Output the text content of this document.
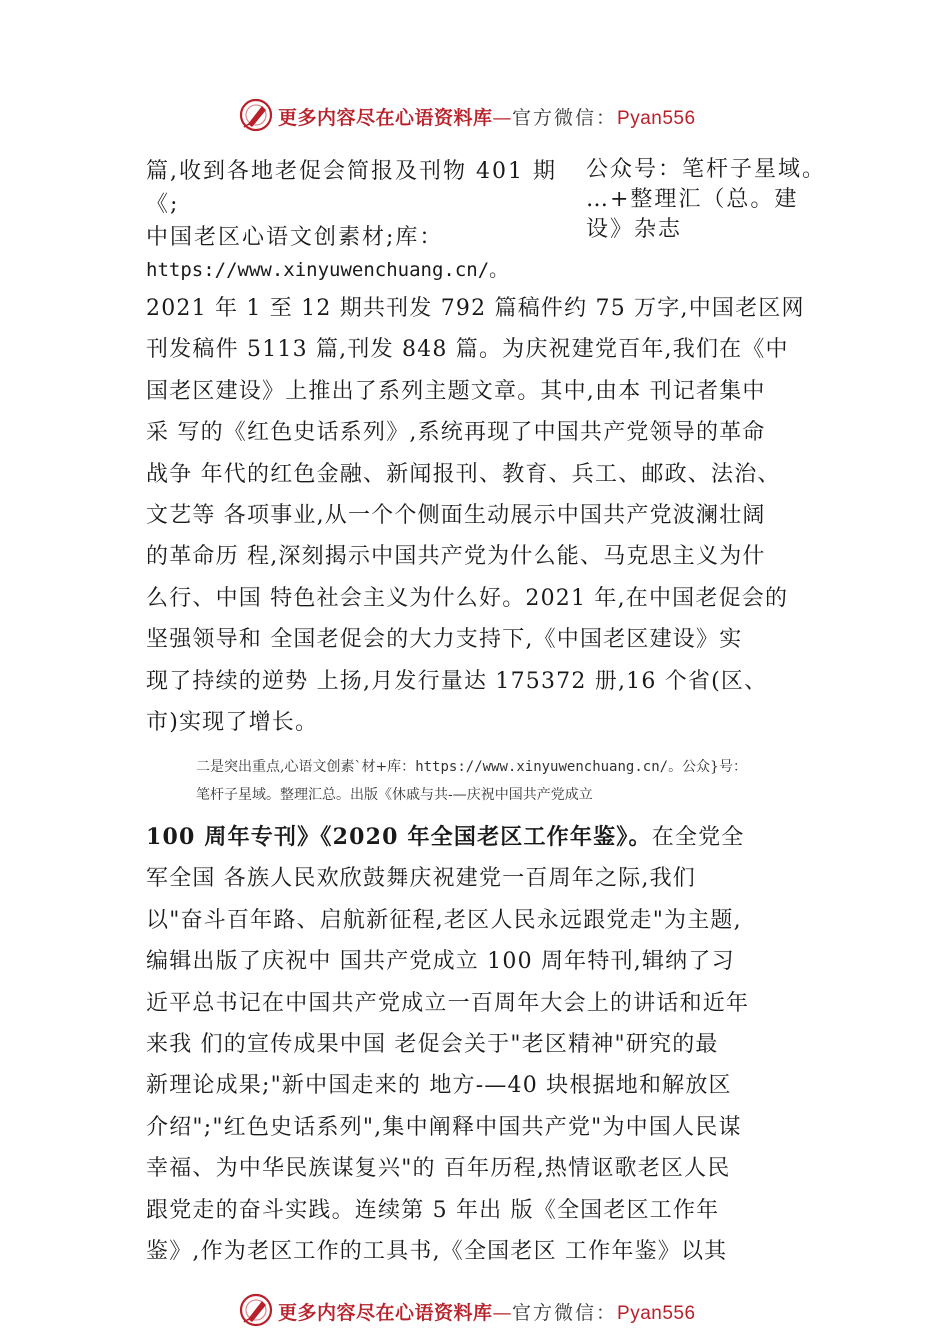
更多内容尽在心语资料库—官方微信：Pyan556
篇,收到各地老促会简报及刊物 401 期
《;
中国老区心语文创素材;库：
https://www.xinyuwenchuang.cn/。
公众号：笔杆子星域。
…+整理汇（总。建
设》杂志
2021 年 1 至 12 期共刊发 792 篇稿件约 75 万字,中国老区网
刊发稿件 5113 篇,刊发 848 篇。为庆祝建党百年,我们在《中
国老区建设》上推出了系列主题文章。其中,由本 刊记者集中
采 写的《红色史话系列》,系统再现了中国共产党领导的革命
战争 年代的红色金融、新闻报刊、教育、兵工、邮政、法治、
文艺等 各项事业,从一个个侧面生动展示中国共产党波澜壮阔
的革命历 程,深刻揭示中国共产党为什么能、马克思主义为什
么行、中国 特色社会主义为什么好。2021 年,在中国老促会的
坚强领导和 全国老促会的大力支持下,《中国老区建设》实
现了持续的逆势 上扬,月发行量达 175372 册,16 个省(区、
市)实现了增长。
二是突出重点,心语文创素`材+库：https://www.xinyuwenchuang.cn/。公众}号：
笔杆子星域。整理汇总。出版《休戚与共-—庆祝中国共产党成立
100 周年专刊》《2020 年全国老区工作年鉴》。在全党全
军全国 各族人民欢欣鼓舞庆祝建党一百周年之际,我们
以"奋斗百年路、启航新征程,老区人民永远跟党走"为主题,
编辑出版了庆祝中 国共产党成立 100 周年特刊,辑纳了习
近平总书记在中国共产党成立一百周年大会上的讲话和近年
来我 们的宣传成果中国 老促会关于"老区精神"研究的最
新理论成果;"新中国走来的 地方-—40 块根据地和解放区
介绍";"红色史话系列",集中阐释中国共产党"为中国人民谋
幸福、为中华民族谋复兴"的 百年历程,热情讴歌老区人民
跟党走的奋斗实践。连续第 5 年出 版《全国老区工作年
鉴》,作为老区工作的工具书,《全国老区 工作年鉴》以其
更多内容尽在心语资料库—官方微信：Pyan556
